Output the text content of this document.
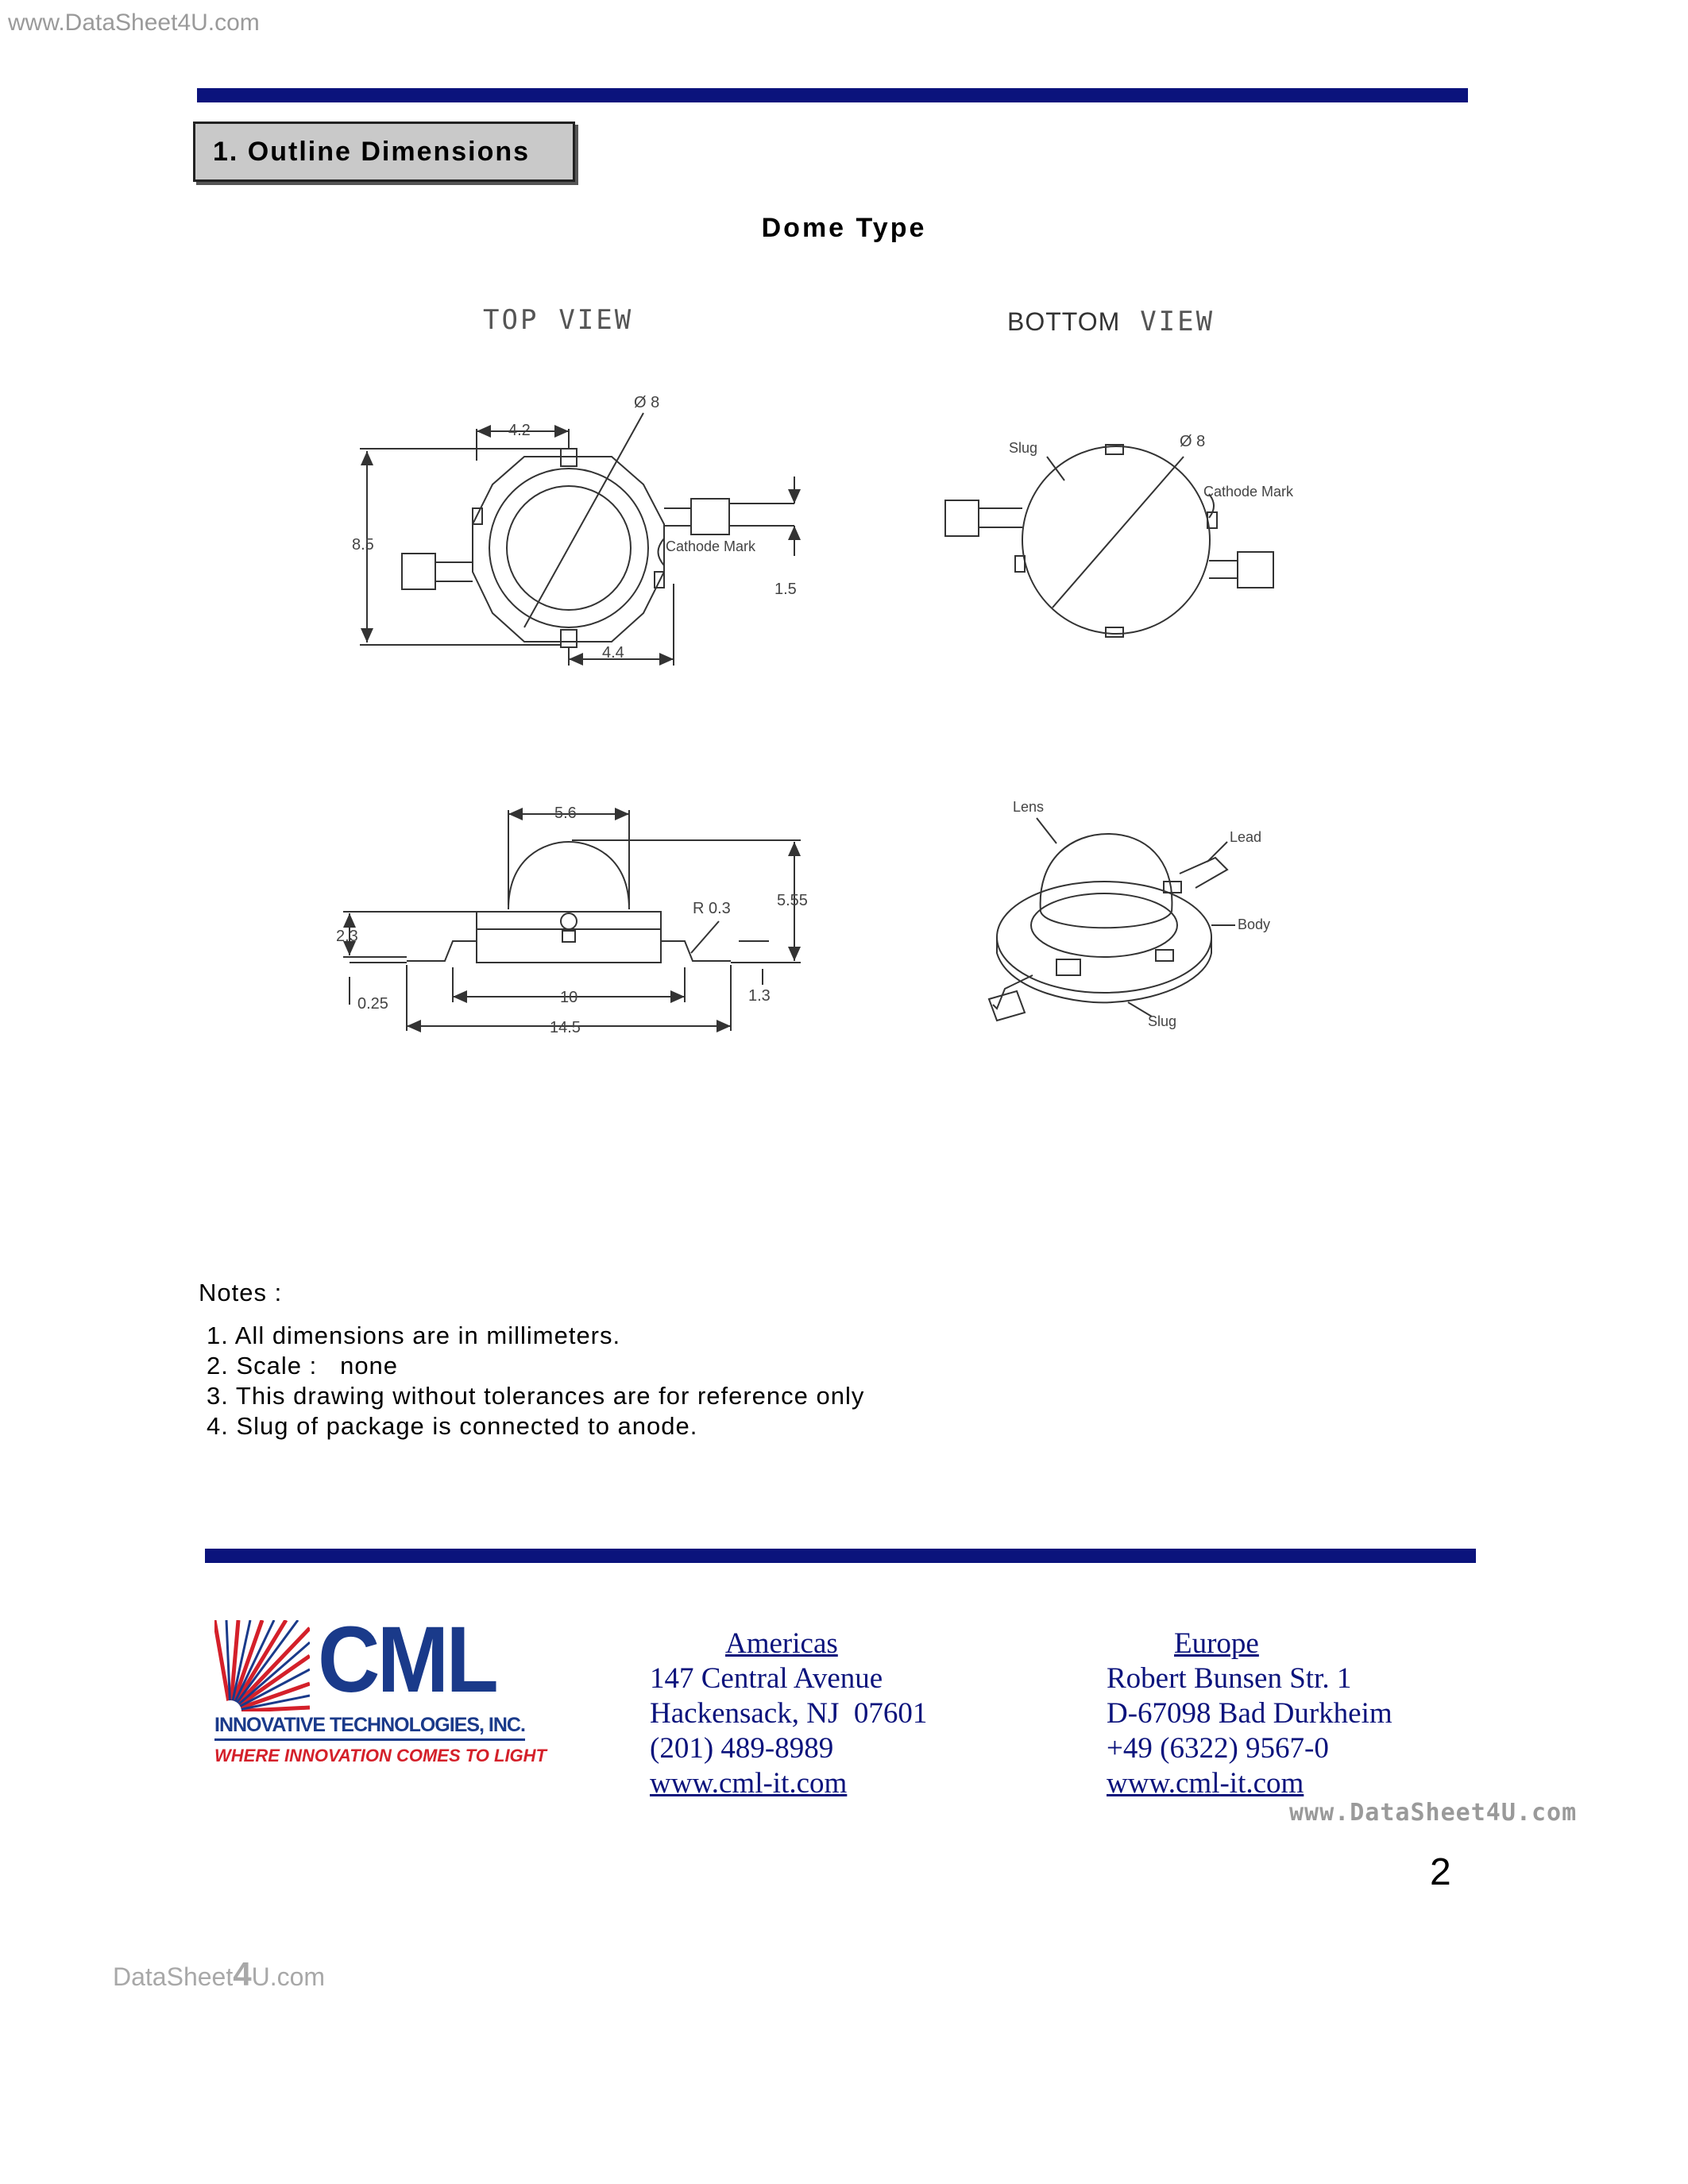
www.DataSheet4U.com
1. Outline Dimensions
Dome Type
TOP VIEW	BOTTOM VIEW
4.2
Ø 8
8.5	Cathode Mark
1.5
4.4
Slug	Ø 8
Cathode Mark
5.6
R 0.3	5.55
2.3
0.25	10	1.3
14.5
Lens
Lead
Body
Slug
Notes :
1. All dimensions are in millimeters.
2. Scale :   none
3. This drawing without tolerances are for reference only
4. Slug of package is connected to anode.
CML
INNOVATIVE TECHNOLOGIES, INC.
WHERE INNOVATION COMES TO LIGHT
Americas
147 Central Avenue
Hackensack, NJ  07601
(201) 489-8989
www.cml-it.com
Europe
Robert Bunsen Str. 1
D-67098 Bad Durkheim
+49 (6322) 9567-0
www.cml-it.com
www.DataSheet4U.com
2
DataSheet4U.com
